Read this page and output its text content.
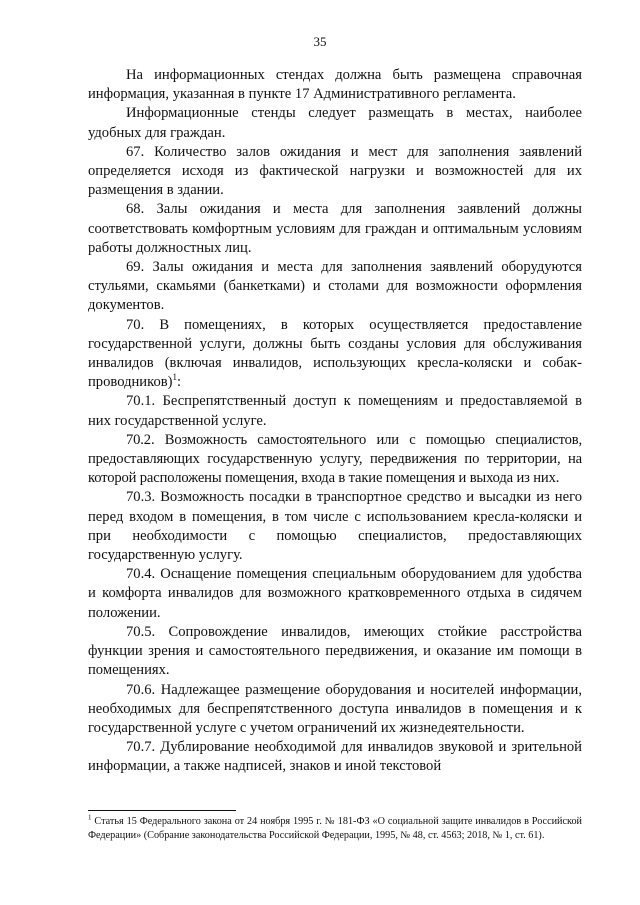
35

На информационных стендах должна быть размещена справочная информация, указанная в пункте 17 Административного регламента.

Информационные стенды следует размещать в местах, наиболее удобных для граждан.

67. Количество залов ожидания и мест для заполнения заявлений определяется исходя из фактической нагрузки и возможностей для их размещения в здании.

68. Залы ожидания и места для заполнения заявлений должны соответствовать комфортным условиям для граждан и оптимальным условиям работы должностных лиц.

69. Залы ожидания и места для заполнения заявлений оборудуются стульями, скамьями (банкетками) и столами для возможности оформления документов.

70. В помещениях, в которых осуществляется предоставление государственной услуги, должны быть созданы условия для обслуживания инвалидов (включая инвалидов, использующих кресла-коляски и собак- проводников)$^1$:

70.1. Беспрепятственный доступ к помещениям и предоставляемой в них государственной услуге.

70.2. Возможность самостоятельного или с помощью специалистов, предоставляющих государственную услугу, передвижения по территории, на которой расположены помещения, входа в такие помещения и выхода из них.

70.3. Возможность посадки в транспортное средство и высадки из него перед входом в помещения, в том числе с использованием кресла-коляски и при необходимости с помощью специалистов, предоставляющих государственную услугу.

70.4. Оснащение помещения специальным оборудованием для удобства и комфорта инвалидов для возможного кратковременного отдыха в сидячем положении.

70.5. Сопровождение инвалидов, имеющих стойкие расстройства функции зрения и самостоятельного передвижения, и оказание им помощи в помещениях.

70.6. Надлежащее размещение оборудования и носителей информации, необходимых для беспрепятственного доступа инвалидов в помещения и к государственной услуге с учетом ограничений их жизнедеятельности.

70.7. Дублирование необходимой для инвалидов звуковой и зрительной информации, а также надписей, знаков и иной текстовой

$^1$ Статья 15 Федерального закона от 24 ноября 1995 г. № 181-ФЗ «О социальной защите инвалидов в Российской Федерации» (Собрание законодательства Российской Федерации, 1995, № 48, ст. 4563; 2018, № 1, ст. 61).
